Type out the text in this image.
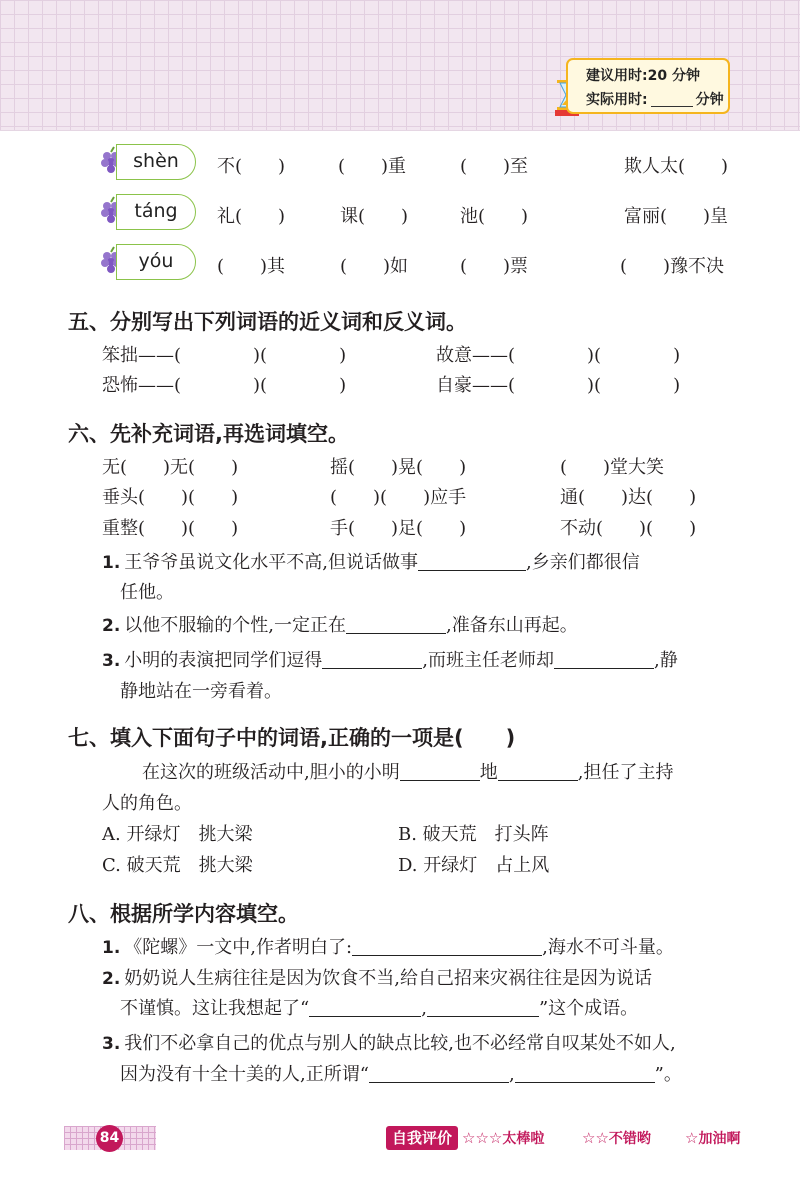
建议用时:20 分钟
实际用时:	分钟
shèn	不(　　)	(　　)重	(　　)至	欺人太(　　)
táng	礼(　　)	课(　　)	池(　　)	富丽(　　)皇
yóu	(　　)其	(　　)如	(　　)票	(　　)豫不决
五、分别写出下列词语的近义词和反义词。
笨拙——(　　　　)(　　　　)	故意——(　　　　)(　　　　)
恐怖——(　　　　)(　　　　)	自豪——(　　　　)(　　　　)
六、先补充词语,再选词填空。
无(　　)无(　　)	摇(　　)晃(　　)	(　　)堂大笑
垂头(　　)(　　)	(　　)(　　)应手	通(　　)达(　　)
重整(　　)(　　)	手(　　)足(　　)	不动(　　)(　　)
1. 王爷爷虽说文化水平不高,但说话做事	,乡亲们都很信
任他。
2. 以他不服输的个性,一定正在	,准备东山再起。
3. 小明的表演把同学们逗得	,而班主任老师却	,静
静地站在一旁看着。
七、填入下面句子中的词语,正确的一项是(　　)
在这次的班级活动中,胆小的小明	地	,担任了主持
人的角色。
A. 开绿灯　挑大梁	B. 破天荒　打头阵
C. 破天荒　挑大梁	D. 开绿灯　占上风
八、根据所学内容填空。
1. 《陀螺》一文中,作者明白了:	,海水不可斗量。
2. 奶奶说人生病往往是因为饮食不当,给自己招来灾祸往往是因为说话
不谨慎。这让我想起了“	,	”这个成语。
3. 我们不必拿自己的优点与别人的缺点比较,也不必经常自叹某处不如人,
因为没有十全十美的人,正所谓“	,	”。
84	自我评价 ☆☆☆太棒啦	☆☆不错哟 ☆加油啊
